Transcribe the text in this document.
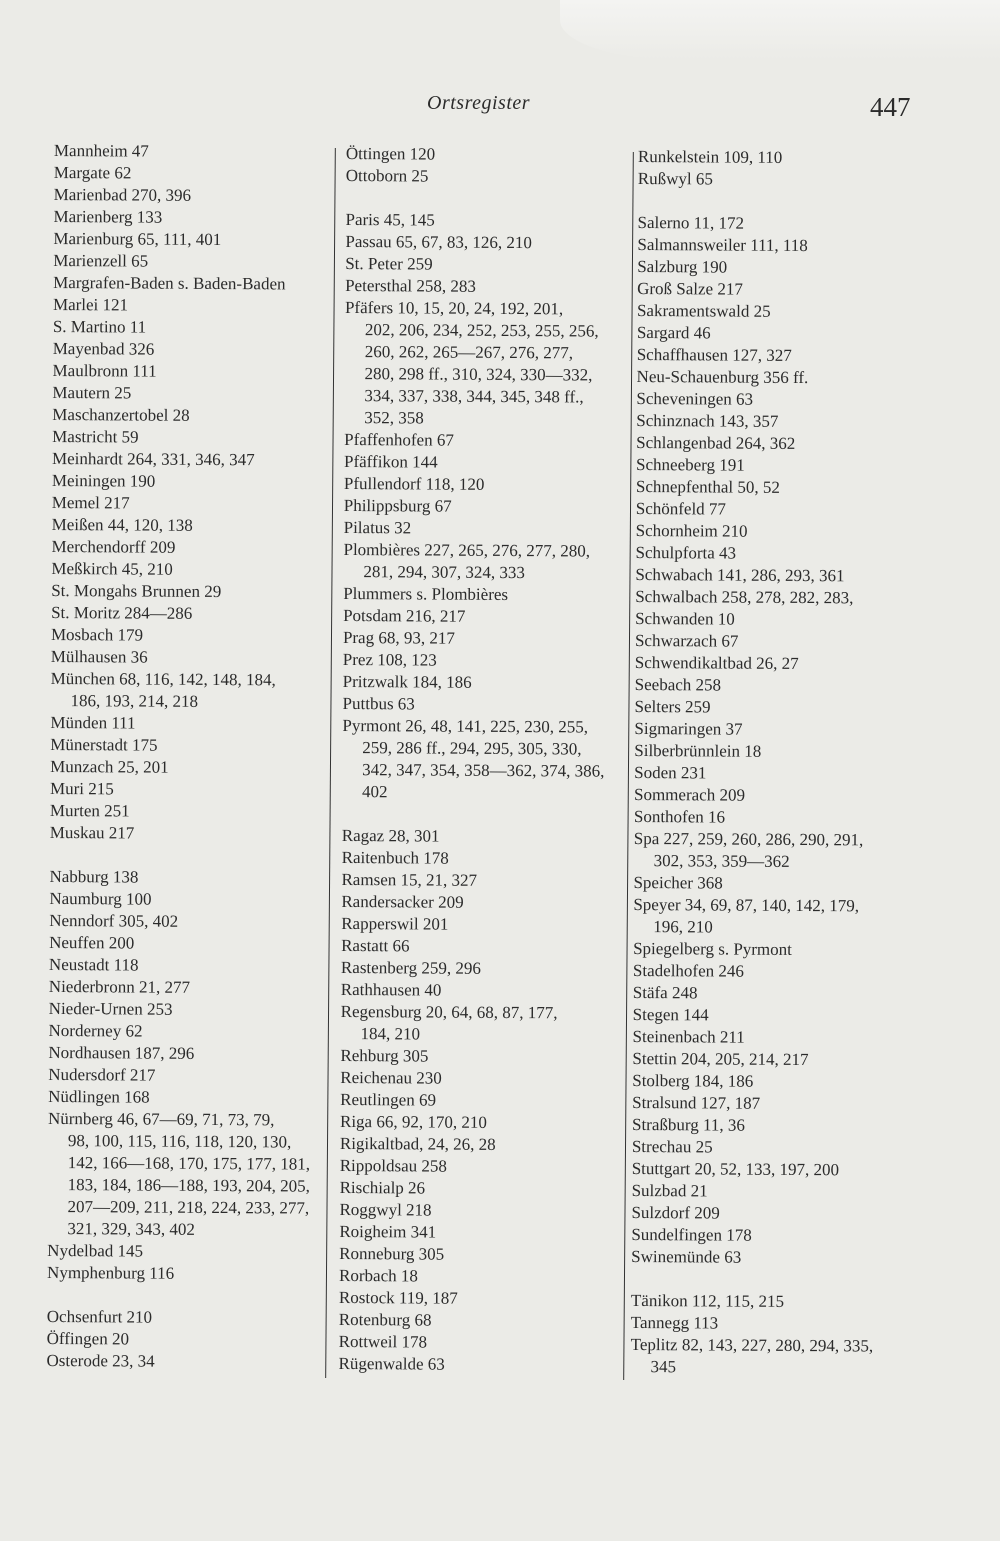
Ortsregister	447
Mannheim 47
Margate 62
Marienbad 270, 396
Marienberg 133
Marienburg 65, 111, 401
Marienzell 65
Margrafen-Baden s. Baden-Baden
Marlei 121
S. Martino 11
Mayenbad 326
Maulbronn 111
Mautern 25
Maschanzertobel 28
Mastricht 59
Meinhardt 264, 331, 346, 347
Meiningen 190
Memel 217
Meißen 44, 120, 138
Merchendorff 209
Meßkirch 45, 210
St. Mongahs Brunnen 29
St. Moritz 284—286
Mosbach 179
Mülhausen 36
München 68, 116, 142, 148, 184,
186, 193, 214, 218
Münden 111
Münerstadt 175
Munzach 25, 201
Muri 215
Murten 251
Muskau 217
Nabburg 138
Naumburg 100
Nenndorf 305, 402
Neuffen 200
Neustadt 118
Niederbronn 21, 277
Nieder-Urnen 253
Norderney 62
Nordhausen 187, 296
Nudersdorf 217
Nüdlingen 168
Nürnberg 46, 67—69, 71, 73, 79,
98, 100, 115, 116, 118, 120, 130,
142, 166—168, 170, 175, 177, 181,
183, 184, 186—188, 193, 204, 205,
207—209, 211, 218, 224, 233, 277,
321, 329, 343, 402
Nydelbad 145
Nymphenburg 116
Ochsenfurt 210
Öffingen 20
Osterode 23, 34
Öttingen 120
Ottoborn 25
Paris 45, 145
Passau 65, 67, 83, 126, 210
St. Peter 259
Petersthal 258, 283
Pfäfers 10, 15, 20, 24, 192, 201,
202, 206, 234, 252, 253, 255, 256,
260, 262, 265—267, 276, 277,
280, 298 ff., 310, 324, 330—332,
334, 337, 338, 344, 345, 348 ff.,
352, 358
Pfaffenhofen 67
Pfäffikon 144
Pfullendorf 118, 120
Philippsburg 67
Pilatus 32
Plombières 227, 265, 276, 277, 280,
281, 294, 307, 324, 333
Plummers s. Plombières
Potsdam 216, 217
Prag 68, 93, 217
Prez 108, 123
Pritzwalk 184, 186
Puttbus 63
Pyrmont 26, 48, 141, 225, 230, 255,
259, 286 ff., 294, 295, 305, 330,
342, 347, 354, 358—362, 374, 386,
402
Ragaz 28, 301
Raitenbuch 178
Ramsen 15, 21, 327
Randersacker 209
Rapperswil 201
Rastatt 66
Rastenberg 259, 296
Rathhausen 40
Regensburg 20, 64, 68, 87, 177,
184, 210
Rehburg 305
Reichenau 230
Reutlingen 69
Riga 66, 92, 170, 210
Rigikaltbad, 24, 26, 28
Rippoldsau 258
Rischialp 26
Roggwyl 218
Roigheim 341
Ronneburg 305
Rorbach 18
Rostock 119, 187
Rotenburg 68
Rottweil 178
Rügenwalde 63
Runkelstein 109, 110
Rußwyl 65
Salerno 11, 172
Salmannsweiler 111, 118
Salzburg 190
Groß Salze 217
Sakramentswald 25
Sargard 46
Schaffhausen 127, 327
Neu-Schauenburg 356 ff.
Scheveningen 63
Schinznach 143, 357
Schlangenbad 264, 362
Schneeberg 191
Schnepfenthal 50, 52
Schönfeld 77
Schornheim 210
Schulpforta 43
Schwabach 141, 286, 293, 361
Schwalbach 258, 278, 282, 283,
Schwanden 10
Schwarzach 67
Schwendikaltbad 26, 27
Seebach 258
Selters 259
Sigmaringen 37
Silberbrünnlein 18
Soden 231
Sommerach 209
Sonthofen 16
Spa 227, 259, 260, 286, 290, 291,
302, 353, 359—362
Speicher 368
Speyer 34, 69, 87, 140, 142, 179,
196, 210
Spiegelberg s. Pyrmont
Stadelhofen 246
Stäfa 248
Stegen 144
Steinenbach 211
Stettin 204, 205, 214, 217
Stolberg 184, 186
Stralsund 127, 187
Straßburg 11, 36
Strechau 25
Stuttgart 20, 52, 133, 197, 200
Sulzbad 21
Sulzdorf 209
Sundelfingen 178
Swinemünde 63
Tänikon 112, 115, 215
Tannegg 113
Teplitz 82, 143, 227, 280, 294, 335,
345
